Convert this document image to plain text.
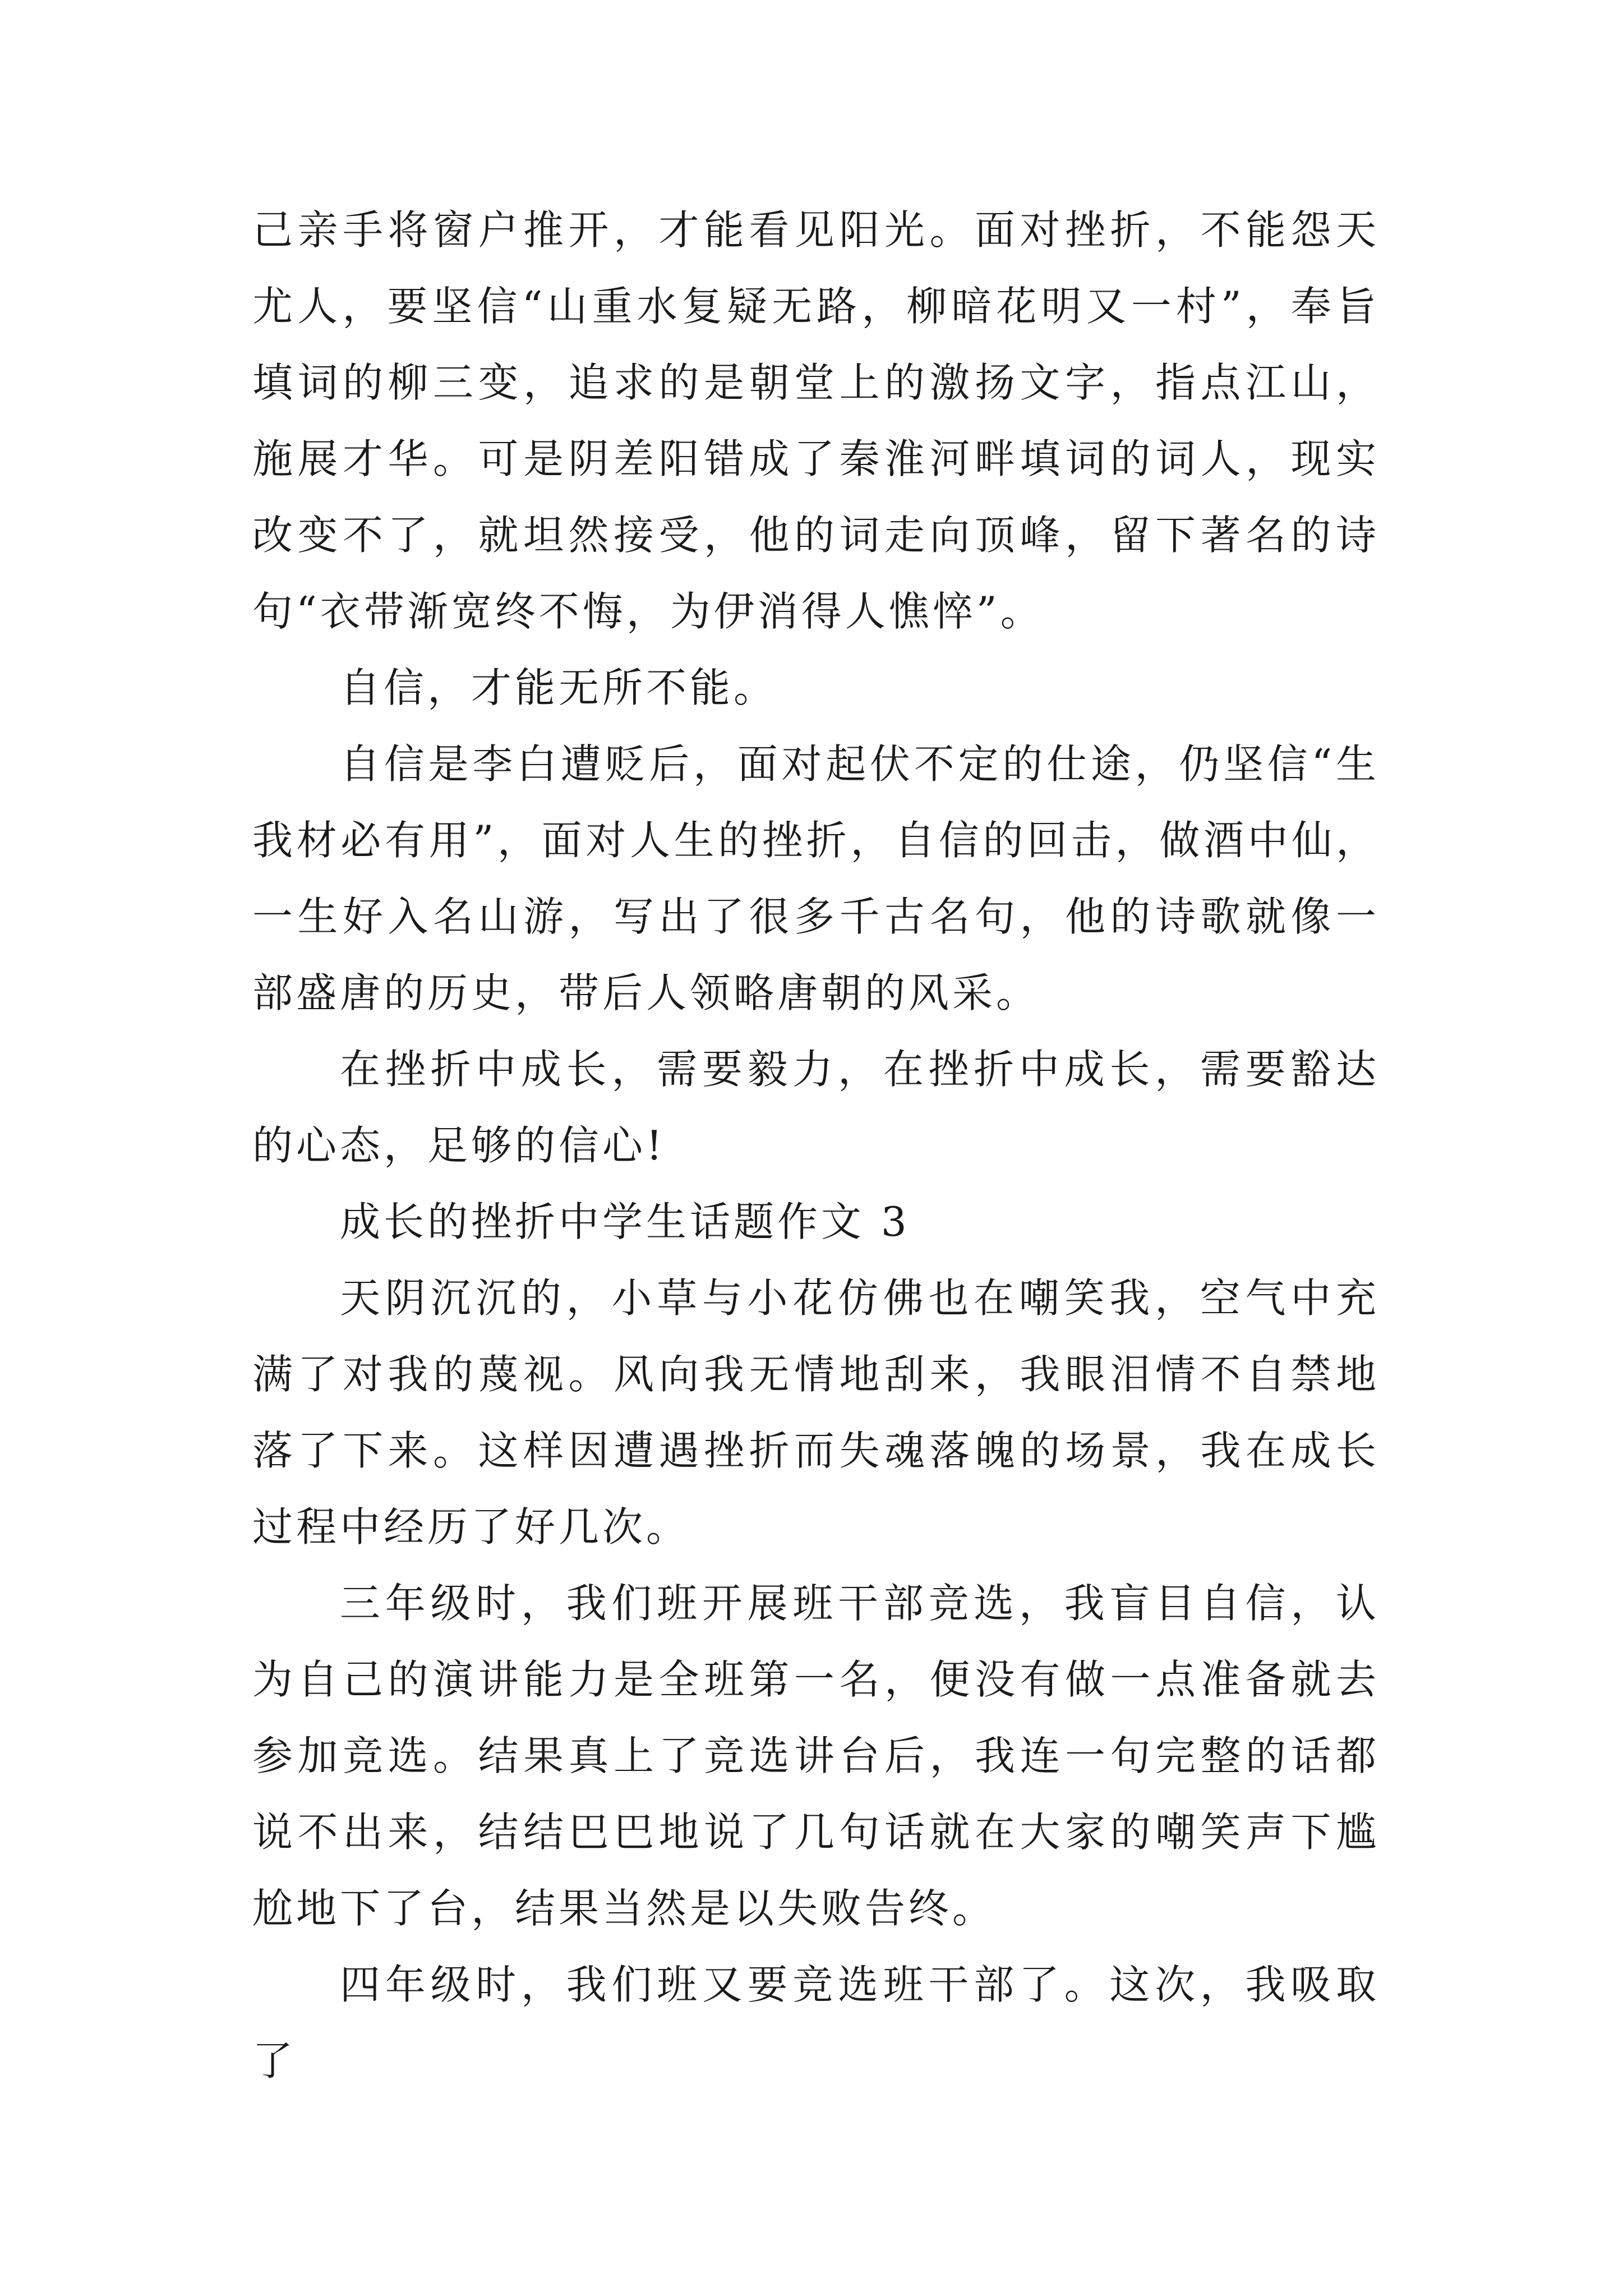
己亲手将窗户推开，才能看见阳光。面对挫折，不能怨天尤人，要坚信“山重水复疑无路，柳暗花明又一村”，奉旨填词的柳三变，追求的是朝堂上的激扬文字，指点江山，施展才华。可是阴差阳错成了秦淮河畔填词的词人，现实改变不了，就坦然接受，他的词走向顶峰，留下著名的诗句“衣带渐宽终不悔，为伊消得人憔悴”。

自信，才能无所不能。

自信是李白遭贬后，面对起伏不定的仕途，仍坚信“生我材必有用”，面对人生的挫折，自信的回击，做酒中仙，一生好入名山游，写出了很多千古名句，他的诗歌就像一部盛唐的历史，带后人领略唐朝的风采。

在挫折中成长，需要毅力，在挫折中成长，需要豁达的心态，足够的信心!

成长的挫折中学生话题作文 3

天阴沉沉的，小草与小花仿佛也在嘲笑我，空气中充满了对我的蔑视。风向我无情地刮来，我眼泪情不自禁地落了下来。这样因遭遇挫折而失魂落魄的场景，我在成长过程中经历了好几次。

三年级时，我们班开展班干部竞选，我盲目自信，认为自己的演讲能力是全班第一名，便没有做一点准备就去参加竞选。结果真上了竞选讲台后，我连一句完整的话都说不出来，结结巴巴地说了几句话就在大家的嘲笑声下尴尬地下了台，结果当然是以失败告终。

四年级时，我们班又要竞选班干部了。这次，我吸取了
